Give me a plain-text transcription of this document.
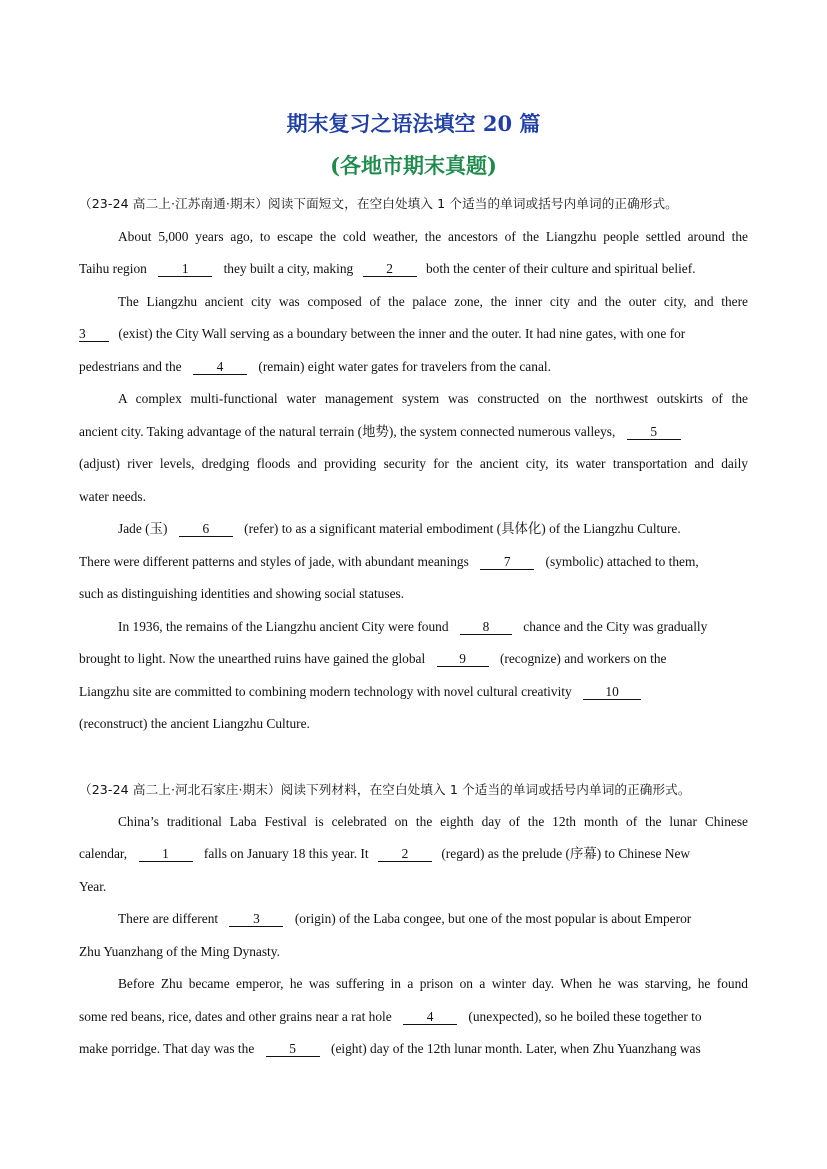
期末复习之语法填空 20 篇
(各地市期末真题)
（23-24 高二上·江苏南通·期末）阅读下面短文，在空白处填入 1 个适当的单词或括号内单词的正确形式。
About 5,000 years ago, to escape the cold weather, the ancestors of the Liangzhu people settled around the
Taihu region	1	they built a city, making 2 both the center of their culture and spiritual belief.
The Liangzhu ancient city was composed of the palace zone, the inner city and the outer city, and there
3 (exist) the City Wall serving as a boundary between the inner and the outer. It had nine gates, with one for
pedestrians and the	4	(remain) eight water gates for travelers from the canal.
A complex multi-functional water management system was constructed on the northwest outskirts of the
ancient city. Taking advantage of the natural terrain (地势), the system connected numerous valleys,	5
(adjust) river levels, dredging floods and providing security for the ancient city, its water transportation and daily
water needs.
Jade (玉)	6	(refer) to as a significant material embodiment (具体化) of the Liangzhu Culture.
There were different patterns and styles of jade, with abundant meanings	7	(symbolic) attached to them,
such as distinguishing identities and showing social statuses.
In 1936, the remains of the Liangzhu ancient City were found	8	chance and the City was gradually
brought to light. Now the unearthed ruins have gained the global	9	(recognize) and workers on the
Liangzhu site are committed to combining modern technology with novel cultural creativity	10
(reconstruct) the ancient Liangzhu Culture.
（23-24 高二上·河北石家庄·期末）阅读下列材料，在空白处填入 1 个适当的单词或括号内单词的正确形式。
China’s traditional Laba Festival is celebrated on the eighth day of the 12th month of the lunar Chinese
calendar,	1	falls on January 18 this year. It 2 (regard) as the prelude (序幕) to Chinese New
Year.
There are different	3	(origin) of the Laba congee, but one of the most popular is about Emperor
Zhu Yuanzhang of the Ming Dynasty.
Before Zhu became emperor, he was suffering in a prison on a winter day. When he was starving, he found
some red beans, rice, dates and other grains near a rat hole	4	(unexpected), so he boiled these together to
make porridge. That day was the	5	(eight) day of the 12th lunar month. Later, when Zhu Yuanzhang was
